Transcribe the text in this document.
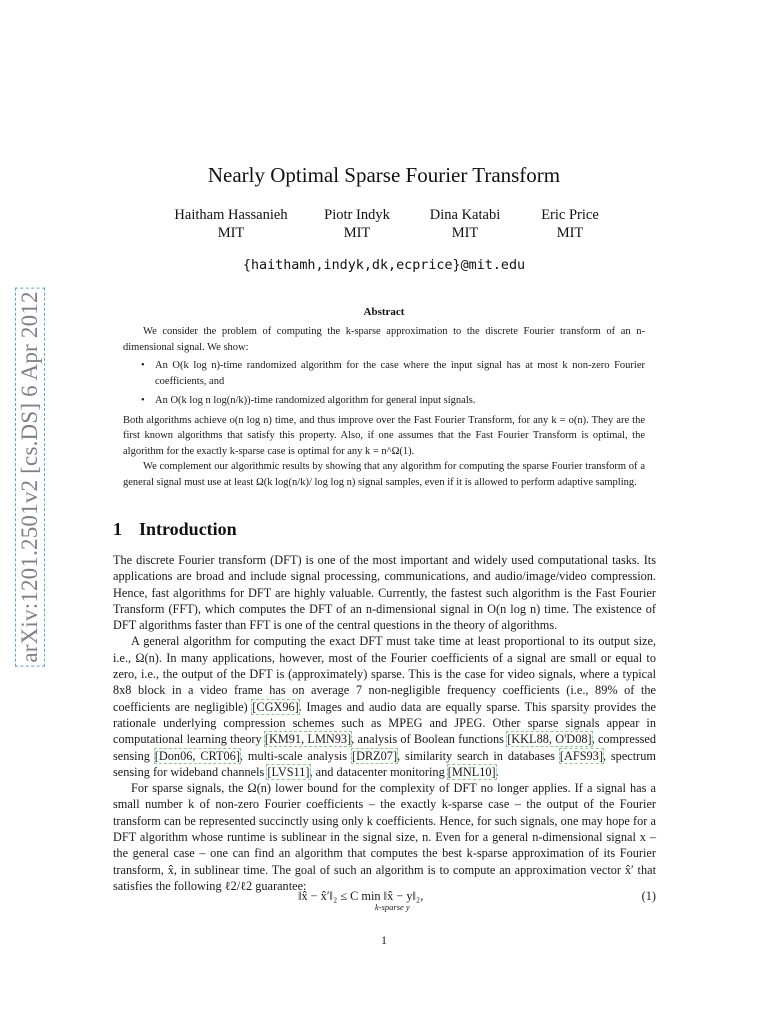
arXiv:1201.2501v2 [cs.DS] 6 Apr 2012
Nearly Optimal Sparse Fourier Transform
Haitham Hassanieh
MIT
Piotr Indyk
MIT
Dina Katabi
MIT
Eric Price
MIT
{haithamh,indyk,dk,ecprice}@mit.edu
Abstract

We consider the problem of computing the k-sparse approximation to the discrete Fourier transform of an n-dimensional signal. We show:

• An O(k log n)-time randomized algorithm for the case where the input signal has at most k non-zero Fourier coefficients, and
• An O(k log n log(n/k))-time randomized algorithm for general input signals.

Both algorithms achieve o(n log n) time, and thus improve over the Fast Fourier Transform, for any k = o(n). They are the first known algorithms that satisfy this property. Also, if one assumes that the Fast Fourier Transform is optimal, the algorithm for the exactly k-sparse case is optimal for any k = n^Ω(1).

We complement our algorithmic results by showing that any algorithm for computing the sparse Fourier transform of a general signal must use at least Ω(k log(n/k)/ log log n) signal samples, even if it is allowed to perform adaptive sampling.

1 Introduction

The discrete Fourier transform (DFT) is one of the most important and widely used computational tasks. Its applications are broad and include signal processing, communications, and audio/image/video compression. Hence, fast algorithms for DFT are highly valuable. Currently, the fastest such algorithm is the Fast Fourier Transform (FFT), which computes the DFT of an n-dimensional signal in O(n log n) time. The existence of DFT algorithms faster than FFT is one of the central questions in the theory of algorithms.

A general algorithm for computing the exact DFT must take time at least proportional to its output size, i.e., Ω(n). In many applications, however, most of the Fourier coefficients of a signal are small or equal to zero, i.e., the output of the DFT is (approximately) sparse. This is the case for video signals, where a typical 8x8 block in a video frame has on average 7 non-negligible frequency coefficients (i.e., 89% of the coefficients are negligible) [CGX96]. Images and audio data are equally sparse. This sparsity provides the rationale underlying compression schemes such as MPEG and JPEG. Other sparse signals appear in computational learning theory [KM91, LMN93], analysis of Boolean functions [KKL88, O'D08], compressed sensing [Don06, CRT06], multi-scale analysis [DRZ07], similarity search in databases [AFS93], spectrum sensing for wideband channels [LVS11], and datacenter monitoring [MNL10].

For sparse signals, the Ω(n) lower bound for the complexity of DFT no longer applies. If a signal has a small number k of non-zero Fourier coefficients – the exactly k-sparse case – the output of the Fourier transform can be represented succinctly using only k coefficients. Hence, for such signals, one may hope for a DFT algorithm whose runtime is sublinear in the signal size, n. Even for a general n-dimensional signal x – the general case – one can find an algorithm that computes the best k-sparse approximation of its Fourier transform, x̂, in sublinear time. The goal of such an algorithm is to compute an approximation vector x̂′ that satisfies the following ℓ2/ℓ2 guarantee:

‖x̂ − x̂′‖₂ ≤ C min ‖x̂ − y‖₂,
k-sparse y
(1)
1
